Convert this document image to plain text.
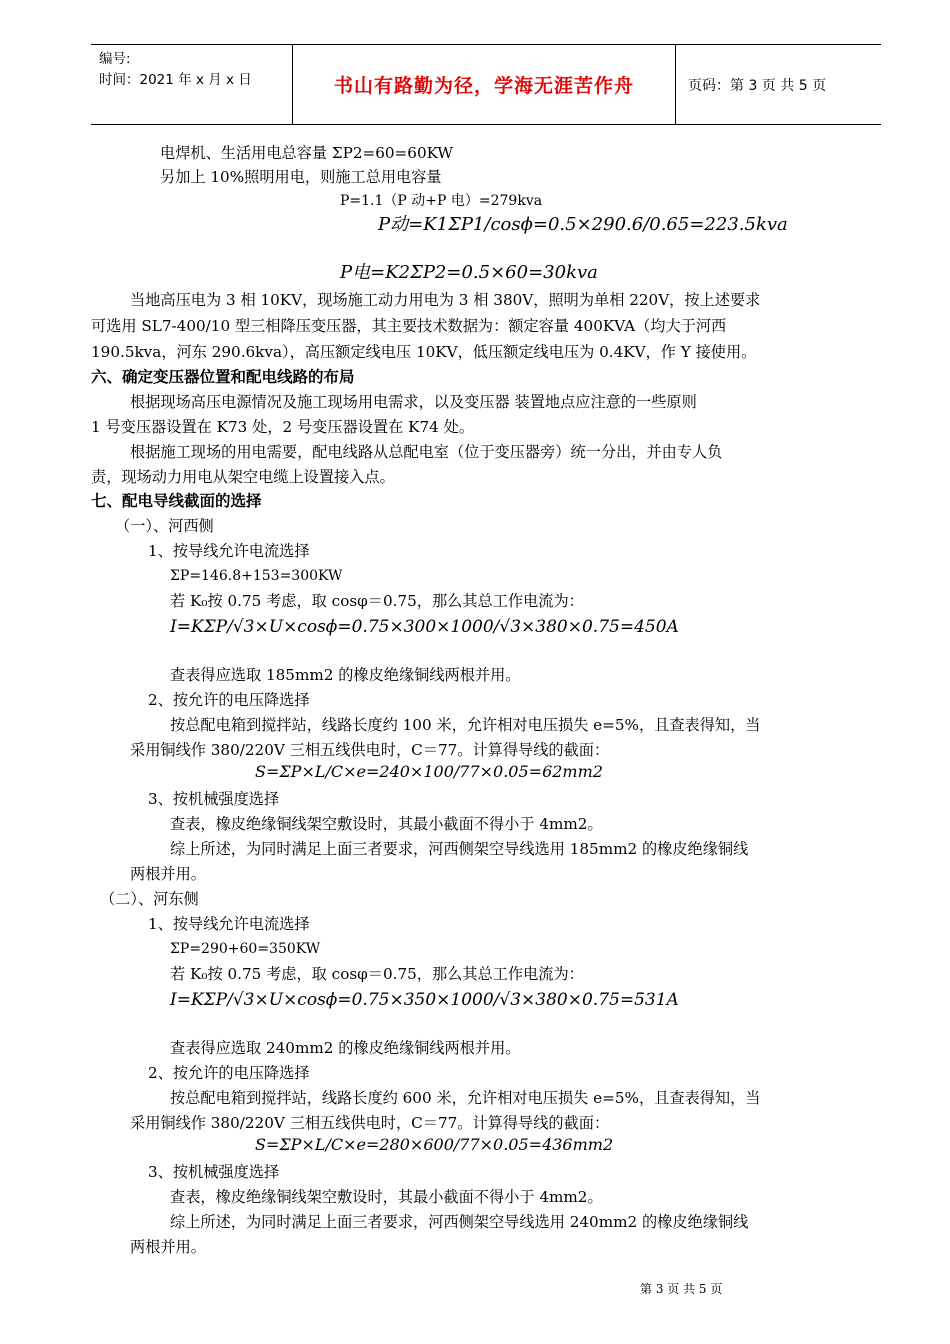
编号:
时间：2021 年 x 月 x 日	书山有路勤为径，学海无涯苦作舟	页码：第 3 页 共 5 页
电焊机、生活用电总容量 ΣP2=60=60KW
另加上 10%照明用电，则施工总用电容量
P=1.1（P 动+P 电）=279kva
P动=K1ΣP1/cosϕ=0.5×290.6/0.65=223.5kva
P电=K2ΣP2=0.5×60=30kva
当地高压电为 3 相 10KV，现场施工动力用电为 3 相 380V，照明为单相 220V，按上述要求
可选用 SL7-400/10 型三相降压变压器，其主要技术数据为：额定容量 400KVA（均大于河西
190.5kva，河东 290.6kva），高压额定线电压 10KV，低压额定线电压为 0.4KV，作 Y 接使用。
六、确定变压器位置和配电线路的布局
根据现场高压电源情况及施工现场用电需求，以及变压器 装置地点应注意的一些原则
1 号变压器设置在 K73 处，2 号变压器设置在 K74 处。
根据施工现场的用电需要，配电线路从总配电室（位于变压器旁）统一分出，并由专人负
责，现场动力用电从架空电缆上设置接入点。
七、配电导线截面的选择
（一）、河西侧
1、按导线允许电流选择
ΣP=146.8+153=300KW
若 K₀按 0.75 考虑，取 cosφ＝0.75，那么其总工作电流为：
I=KΣP/√3×U×cosϕ=0.75×300×1000/√3×380×0.75=450A
查表得应选取 185mm2 的橡皮绝缘铜线两根并用。
2、按允许的电压降选择
按总配电箱到搅拌站，线路长度约 100 米，允许相对电压损失 e=5%，且查表得知，当
采用铜线作 380/220V 三相五线供电时，C＝77。计算得导线的截面：
S=ΣP×L/C×e=240×100/77×0.05=62mm2
3、按机械强度选择
查表，橡皮绝缘铜线架空敷设时，其最小截面不得小于 4mm2。
综上所述，为同时满足上面三者要求，河西侧架空导线选用 185mm2 的橡皮绝缘铜线
两根并用。
（二）、河东侧
1、按导线允许电流选择
ΣP=290+60=350KW
若 K₀按 0.75 考虑，取 cosφ＝0.75，那么其总工作电流为：
I=KΣP/√3×U×cosϕ=0.75×350×1000/√3×380×0.75=531A
查表得应选取 240mm2 的橡皮绝缘铜线两根并用。
2、按允许的电压降选择
按总配电箱到搅拌站，线路长度约 600 米，允许相对电压损失 e=5%，且查表得知，当
采用铜线作 380/220V 三相五线供电时，C＝77。计算得导线的截面：
S=ΣP×L/C×e=280×600/77×0.05=436mm2
3、按机械强度选择
查表，橡皮绝缘铜线架空敷设时，其最小截面不得小于 4mm2。
综上所述，为同时满足上面三者要求，河西侧架空导线选用 240mm2 的橡皮绝缘铜线
两根并用。
第 3 页 共 5 页
